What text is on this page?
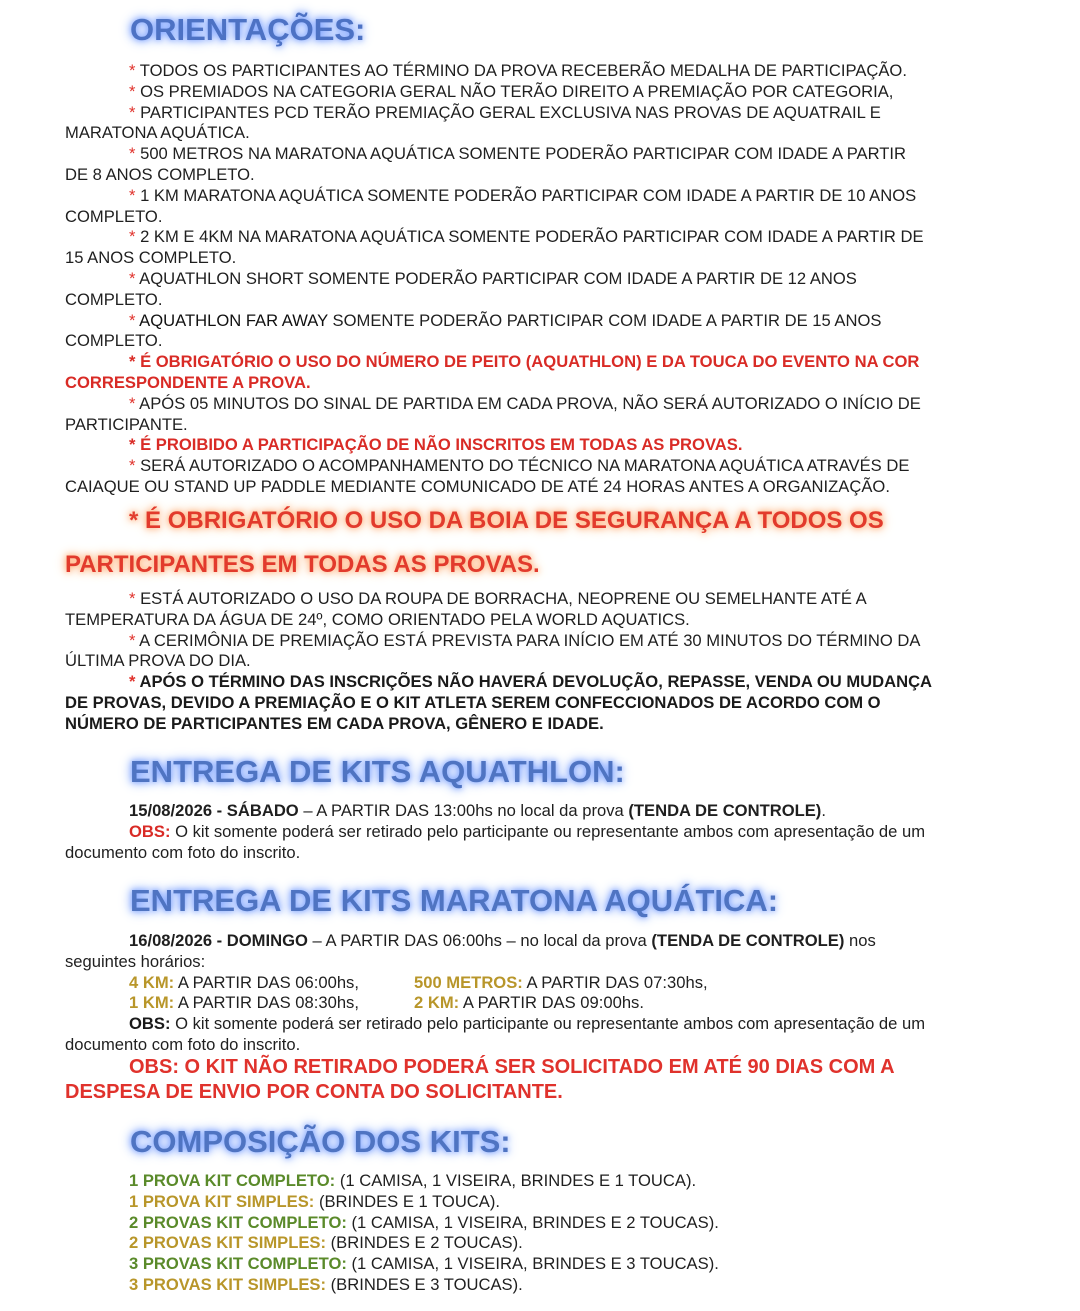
ORIENTAÇÕES:
* TODOS OS PARTICIPANTES AO TÉRMINO DA PROVA RECEBERÃO MEDALHA DE PARTICIPAÇÃO.
* OS PREMIADOS NA CATEGORIA GERAL NÃO TERÃO DIREITO A PREMIAÇÃO POR CATEGORIA,
* PARTICIPANTES PCD TERÃO PREMIAÇÃO GERAL EXCLUSIVA NAS PROVAS DE AQUATRAIL E
MARATONA AQUÁTICA.
* 500 METROS NA MARATONA AQUÁTICA SOMENTE PODERÃO PARTICIPAR COM IDADE A PARTIR
DE 8 ANOS COMPLETO.
* 1 KM MARATONA AQUÁTICA SOMENTE PODERÃO PARTICIPAR COM IDADE A PARTIR DE 10 ANOS
COMPLETO.
* 2 KM E 4KM NA MARATONA AQUÁTICA SOMENTE PODERÃO PARTICIPAR COM IDADE A PARTIR DE
15 ANOS COMPLETO.
* AQUATHLON SHORT SOMENTE PODERÃO PARTICIPAR COM IDADE A PARTIR DE 12 ANOS
COMPLETO.
* AQUATHLON FAR AWAY SOMENTE PODERÃO PARTICIPAR COM IDADE A PARTIR DE 15 ANOS
COMPLETO.
* É OBRIGATÓRIO O USO DO NÚMERO DE PEITO (AQUATHLON) E DA TOUCA DO EVENTO NA COR
CORRESPONDENTE A PROVA.
* APÓS 05 MINUTOS DO SINAL DE PARTIDA EM CADA PROVA, NÃO SERÁ AUTORIZADO O INÍCIO DE
PARTICIPANTE.
* É PROIBIDO A PARTICIPAÇÃO DE NÃO INSCRITOS EM TODAS AS PROVAS.
* SERÁ AUTORIZADO O ACOMPANHAMENTO DO TÉCNICO NA MARATONA AQUÁTICA ATRAVÉS DE
CAIAQUE OU STAND UP PADDLE MEDIANTE COMUNICADO DE ATÉ 24 HORAS ANTES A ORGANIZAÇÃO.
* É OBRIGATÓRIO O USO DA BOIA DE SEGURANÇA A TODOS OS
PARTICIPANTES EM TODAS AS PROVAS.
* ESTÁ AUTORIZADO O USO DA ROUPA DE BORRACHA, NEOPRENE OU SEMELHANTE ATÉ A
TEMPERATURA DA ÁGUA DE 24º, COMO ORIENTADO PELA WORLD AQUATICS.
* A CERIMÔNIA DE PREMIAÇÃO ESTÁ PREVISTA PARA INÍCIO EM ATÉ 30 MINUTOS DO TÉRMINO DA
ÚLTIMA PROVA DO DIA.
* APÓS O TÉRMINO DAS INSCRIÇÕES NÃO HAVERÁ DEVOLUÇÃO, REPASSE, VENDA OU MUDANÇA
DE PROVAS, DEVIDO A PREMIAÇÃO E O KIT ATLETA SEREM CONFECCIONADOS DE ACORDO COM O
NÚMERO DE PARTICIPANTES EM CADA PROVA, GÊNERO E IDADE.
ENTREGA DE KITS AQUATHLON:
15/08/2026 - SÁBADO – A PARTIR DAS 13:00hs no local da prova (TENDA DE CONTROLE).
OBS: O kit somente poderá ser retirado pelo participante ou representante ambos com apresentação de um
documento com foto do inscrito.
ENTREGA DE KITS MARATONA AQUÁTICA:
16/08/2026 - DOMINGO – A PARTIR DAS 06:00hs – no local da prova (TENDA DE CONTROLE) nos
seguintes horários:
4 KM: A PARTIR DAS 06:00hs,	500 METROS: A PARTIR DAS 07:30hs,
1 KM: A PARTIR DAS 08:30hs,	2 KM: A PARTIR DAS 09:00hs.
OBS: O kit somente poderá ser retirado pelo participante ou representante ambos com apresentação de um
documento com foto do inscrito.
OBS: O KIT NÃO RETIRADO PODERÁ SER SOLICITADO EM ATÉ 90 DIAS COM A
DESPESA DE ENVIO POR CONTA DO SOLICITANTE.
COMPOSIÇÃO DOS KITS:
1 PROVA KIT COMPLETO: (1 CAMISA, 1 VISEIRA, BRINDES E 1 TOUCA).
1 PROVA KIT SIMPLES: (BRINDES E 1 TOUCA).
2 PROVAS KIT COMPLETO: (1 CAMISA, 1 VISEIRA, BRINDES E 2 TOUCAS).
2 PROVAS KIT SIMPLES: (BRINDES E 2 TOUCAS).
3 PROVAS KIT COMPLETO: (1 CAMISA, 1 VISEIRA, BRINDES E 3 TOUCAS).
3 PROVAS KIT SIMPLES: (BRINDES E 3 TOUCAS).
